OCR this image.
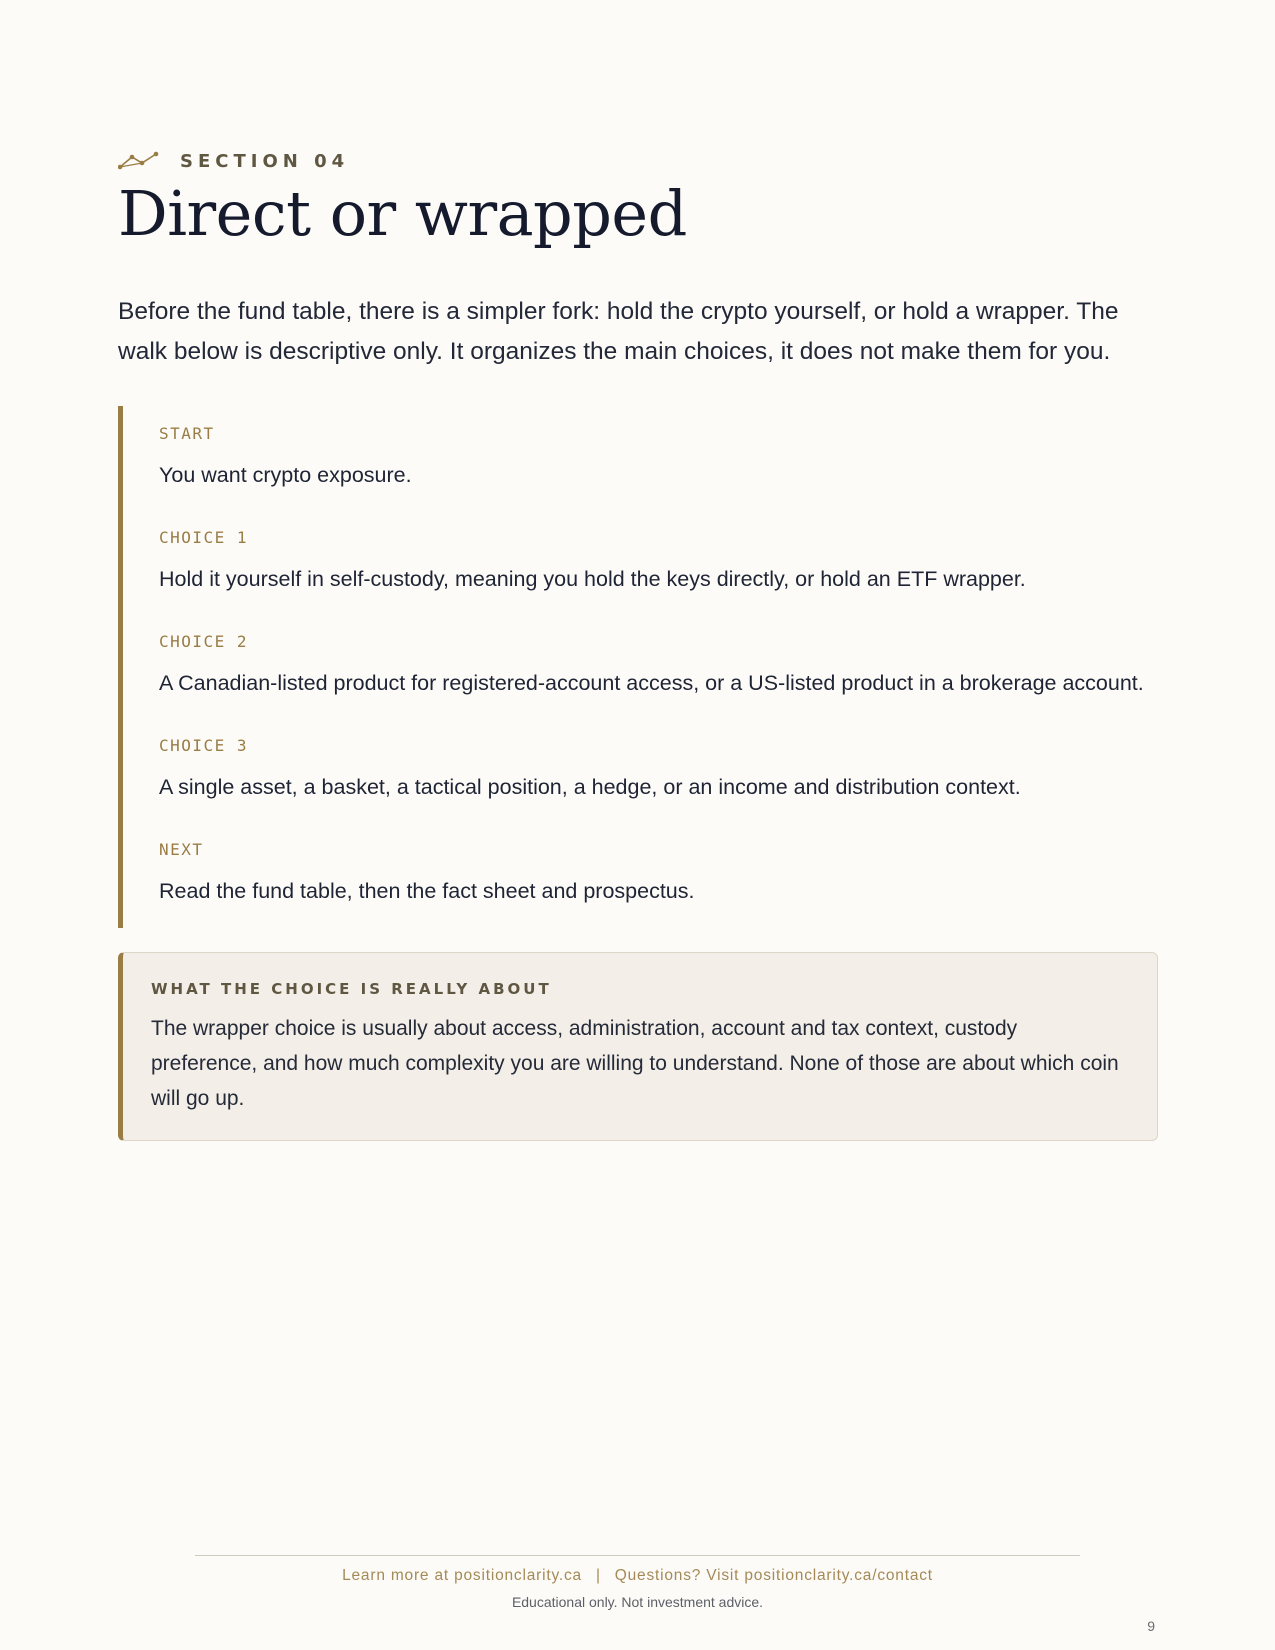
SECTION 04
Direct or wrapped

Before the fund table, there is a simpler fork: hold the crypto yourself, or hold a wrapper. The walk below is descriptive only. It organizes the main choices, it does not make them for you.

START
You want crypto exposure.
CHOICE 1
Hold it yourself in self-custody, meaning you hold the keys directly, or hold an ETF wrapper.
CHOICE 2
A Canadian-listed product for registered-account access, or a US-listed product in a brokerage account.
CHOICE 3
A single asset, a basket, a tactical position, a hedge, or an income and distribution context.
NEXT
Read the fund table, then the fact sheet and prospectus.
WHAT THE CHOICE IS REALLY ABOUT
The wrapper choice is usually about access, administration, account and tax context, custody preference, and how much complexity you are willing to understand. None of those are about which coin will go up.
Learn more at positionclarity.ca | Questions? Visit positionclarity.ca/contact
Educational only. Not investment advice.
9
